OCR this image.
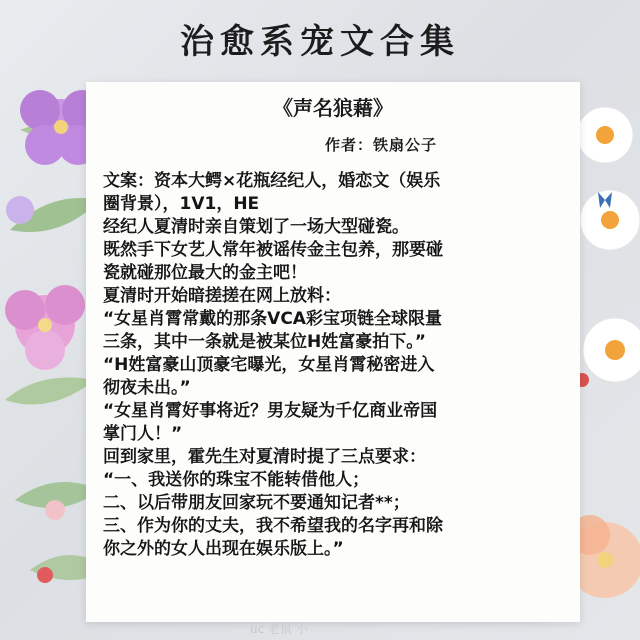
治愈系宠文合集
《声名狼藉》
作者：铁扇公子
文案：资本大鳄×花瓶经纪人，婚恋文（娱乐
圈背景），1V1，HE
经纪人夏清时亲自策划了一场大型碰瓷。
既然手下女艺人常年被谣传金主包养，那要碰
瓷就碰那位最大的金主吧！
夏清时开始暗搓搓在网上放料：
“女星肖霄常戴的那条VCA彩宝项链全球限量
三条，其中一条就是被某位H姓富豪拍下。”
“H姓富豪山顶豪宅曝光，女星肖霄秘密进入
彻夜未出。”
“女星肖霄好事将近？男友疑为千亿商业帝国
掌门人！”
回到家里，霍先生对夏清时提了三点要求：
“一、我送你的珠宝不能转借他人；
二、以后带朋友回家玩不要通知记者**；
三、作为你的丈夫，我不希望我的名字再和除
你之外的女人出现在娱乐版上。”
uc 老鼠 小
